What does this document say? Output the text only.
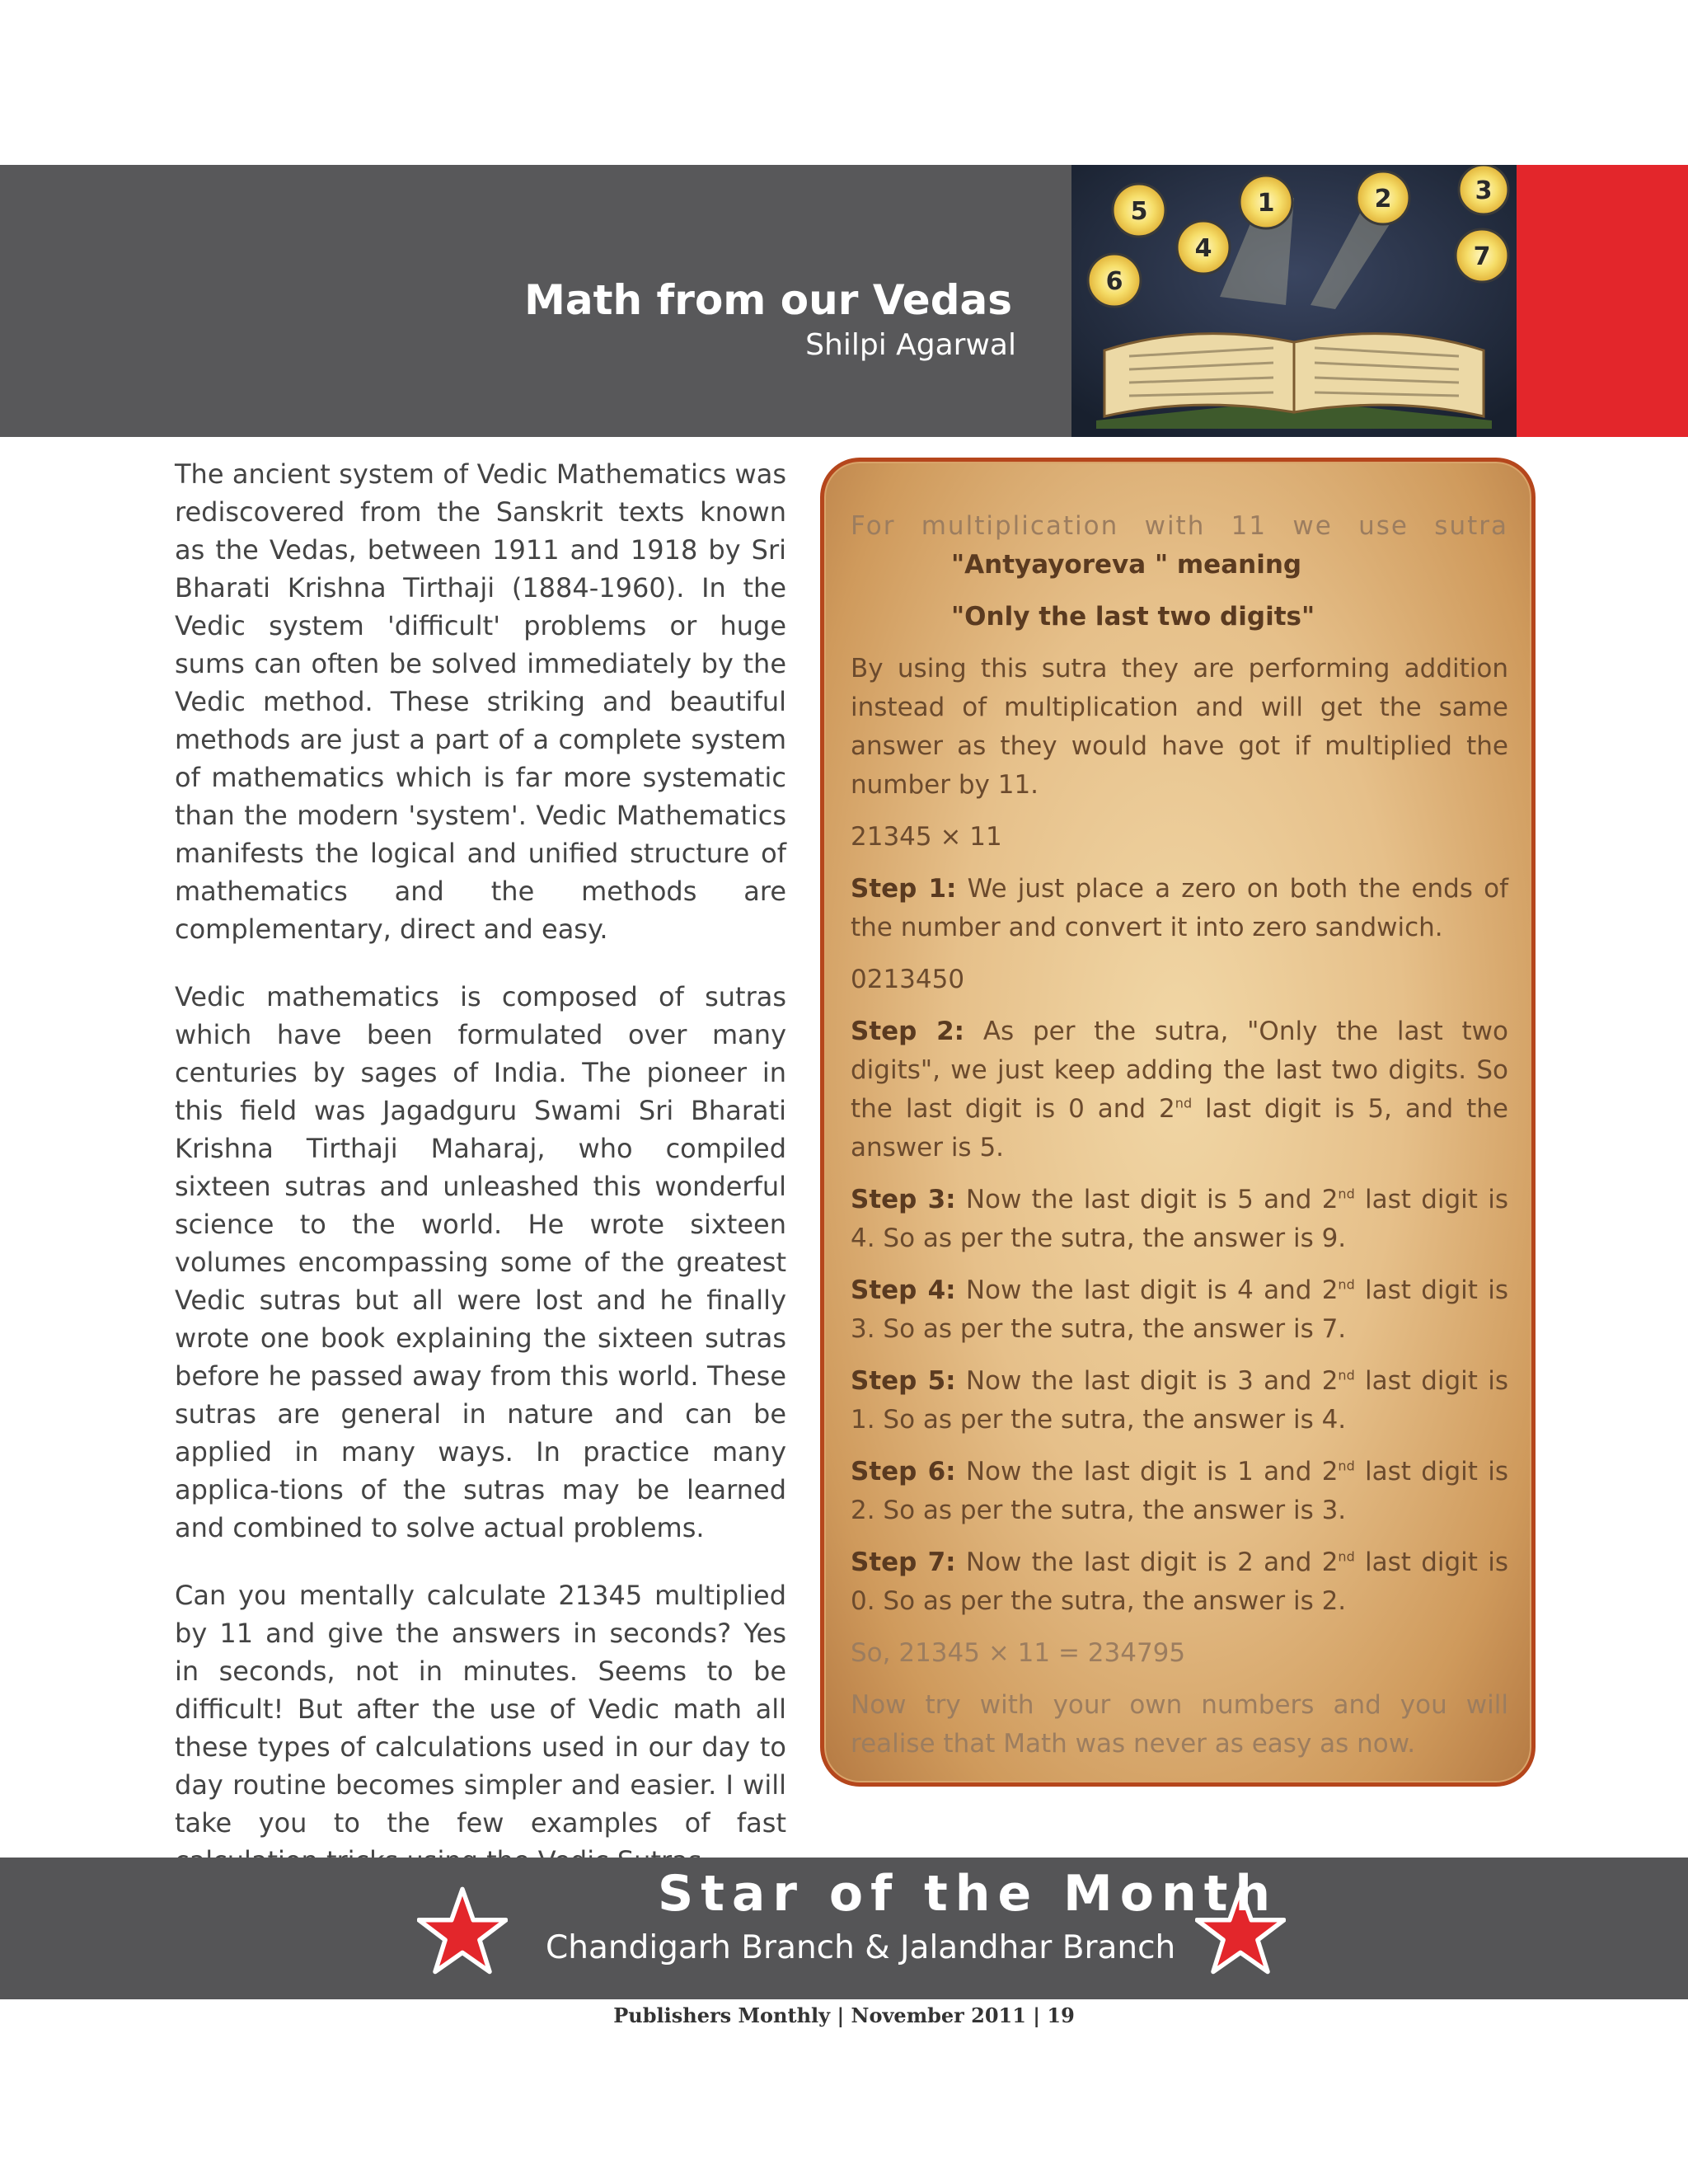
Math from our Vedas
Shilpi Agarwal
5	1	2	3
4	7
6

The ancient system of Vedic Mathematics was rediscovered from the Sanskrit texts known as the Vedas, between 1911 and 1918 by Sri Bharati Krishna Tirthaji (1884-1960). In the Vedic system 'difficult' problems or huge sums can often be solved immediately by the Vedic method. These striking and beautiful methods are just a part of a complete system of mathematics which is far more systematic than the modern 'system'. Vedic Mathematics manifests the logical and unified structure of mathematics and the methods are complementary, direct and easy.

Vedic mathematics is composed of sutras which have been formulated over many centuries by sages of India. The pioneer in this field was Jagadguru Swami Sri Bharati Krishna Tirthaji Maharaj, who compiled sixteen sutras and unleashed this wonderful science to the world. He wrote sixteen volumes encompassing some of the greatest Vedic sutras but all were lost and he finally wrote one book explaining the sixteen sutras before he passed away from this world. These sutras are general in nature and can be applied in many ways. In practice many applica-tions of the sutras may be learned and combined to solve actual problems.

Can you mentally calculate 21345 multiplied by 11 and give the answers in seconds? Yes in seconds, not in minutes. Seems to be difficult! But after the use of Vedic math all these types of calculations used in our day to day routine becomes simpler and easier. I will take you to the few examples of fast

For multiplication with 11 we use sutra
"Antyayoreva " meaning
"Only the last two digits"

By using this sutra they are performing addition instead of multiplication and will get the same answer as they would have got if multiplied the number by 11.

21345 × 11

Step 1: We just place a zero on both the ends of the number and convert it into zero sandwich.

0213450

Step 2: As per the sutra, "Only the last two digits", we just keep adding the last two digits. So the last digit is 0 and 2nd last digit is 5, and the answer is 5.

Step 3: Now the last digit is 5 and 2nd last digit is 4. So as per the sutra, the answer is 9.

Step 4: Now the last digit is 4 and 2nd last digit is 3. So as per the sutra, the answer is 7.

Step 5: Now the last digit is 3 and 2nd last digit is 1. So as per the sutra, the answer is 4.

Step 6: Now the last digit is 1 and 2nd last digit is 2. So as per the sutra, the answer is 3.

Step 7: Now the last digit is 2 and 2nd last digit is 0. So as per the sutra, the answer is 2.

So, 21345 × 11 = 234795

Now try with your own numbers and you will realise that Math was never as easy as now.

Star of the Month
Chandigarh Branch & Jalandhar Branch
Publishers Monthly | November 2011 | 19
